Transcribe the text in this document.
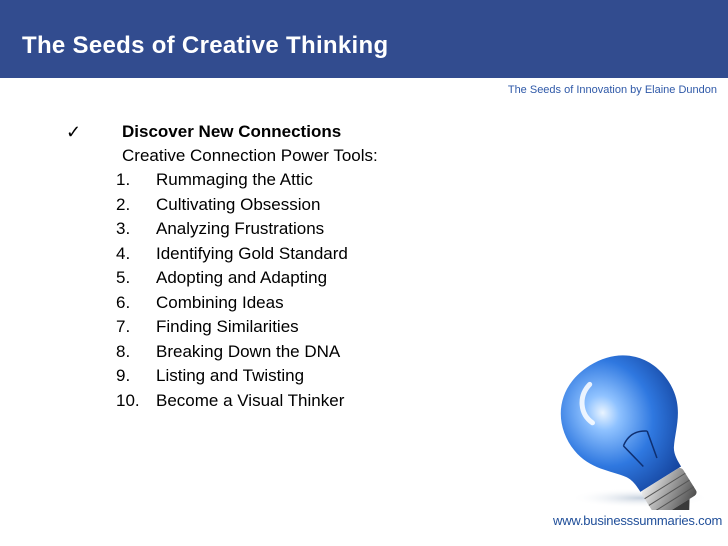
The Seeds of Creative Thinking
The Seeds of Innovation by Elaine Dundon
✓ Discover New Connections
Creative Connection Power Tools:
1. Rummaging the Attic
2. Cultivating Obsession
3. Analyzing Frustrations
4. Identifying Gold Standard
5. Adopting and Adapting
6. Combining Ideas
7. Finding Similarities
8. Breaking Down the DNA
9. Listing and Twisting
10. Become a Visual Thinker
www.businesssummaries.com
